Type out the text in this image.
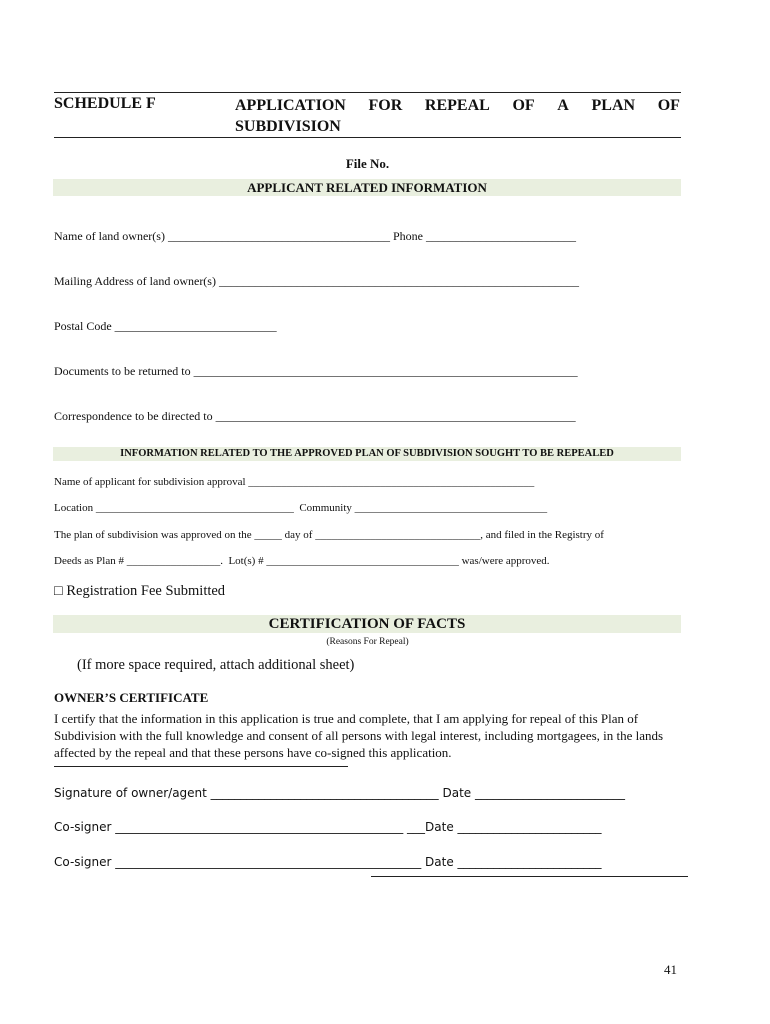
SCHEDULE F	APPLICATION FOR REPEAL OF A PLAN OF
SUBDIVISION
File No.
APPLICANT RELATED INFORMATION
Name of land owner(s) _____________________________________ Phone _________________________
Mailing Address of land owner(s) ____________________________________________________________
Postal Code ___________________________
Documents to be returned to ________________________________________________________________
Correspondence to be directed to ____________________________________________________________
INFORMATION RELATED TO THE APPROVED PLAN OF SUBDIVISION SOUGHT TO BE REPEALED
Name of applicant for subdivision approval ____________________________________________________
Location ____________________________________  Community ___________________________________
The plan of subdivision was approved on the _____ day of ______________________________, and filed in the Registry of
Deeds as Plan # _________________.  Lot(s) # ___________________________________ was/were approved.
□ Registration Fee Submitted
CERTIFICATION OF FACTS
(Reasons For Repeal)
(If more space required, attach additional sheet)
OWNER’S CERTIFICATE
I certify that the information in this application is true and complete, that I am applying for repeal of this Plan of Subdivision with the full knowledge and consent of all persons with legal interest, including mortgagees, in the lands affected by the repeal and that these persons have co-signed this application.
Signature of owner/agent ______________________________________ Date _________________________
Co-signer ________________________________________________ ___Date ________________________
Co-signer ___________________________________________________ Date ________________________
41
